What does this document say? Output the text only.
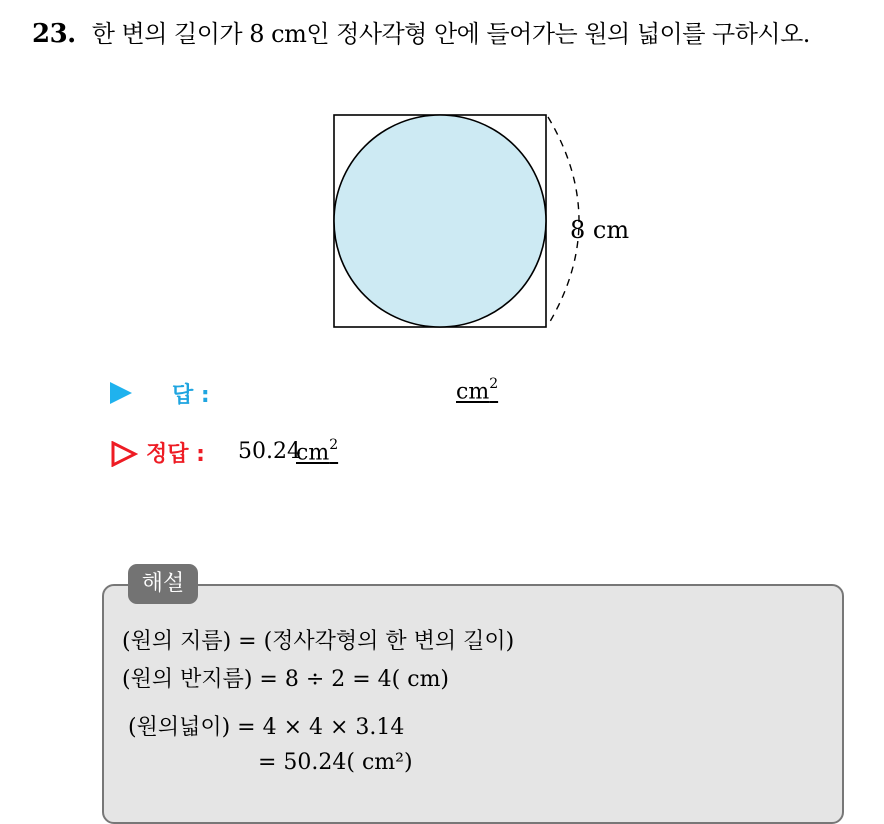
23. 한 변의 길이가 8 cm인 정사각형 안에 들어가는 원의 넓이를 구하시오.
8 cm
답 :	$cm^2$
정답 : 50.24
$cm^2$
해설
(원의 지름) = (정사각형의 한 변의 길이)
(원의 반지름) = 8 ÷ 2 = 4( cm)
(원의넓이) = 4 × 4 × 3.14
= 50.24( cm²)
